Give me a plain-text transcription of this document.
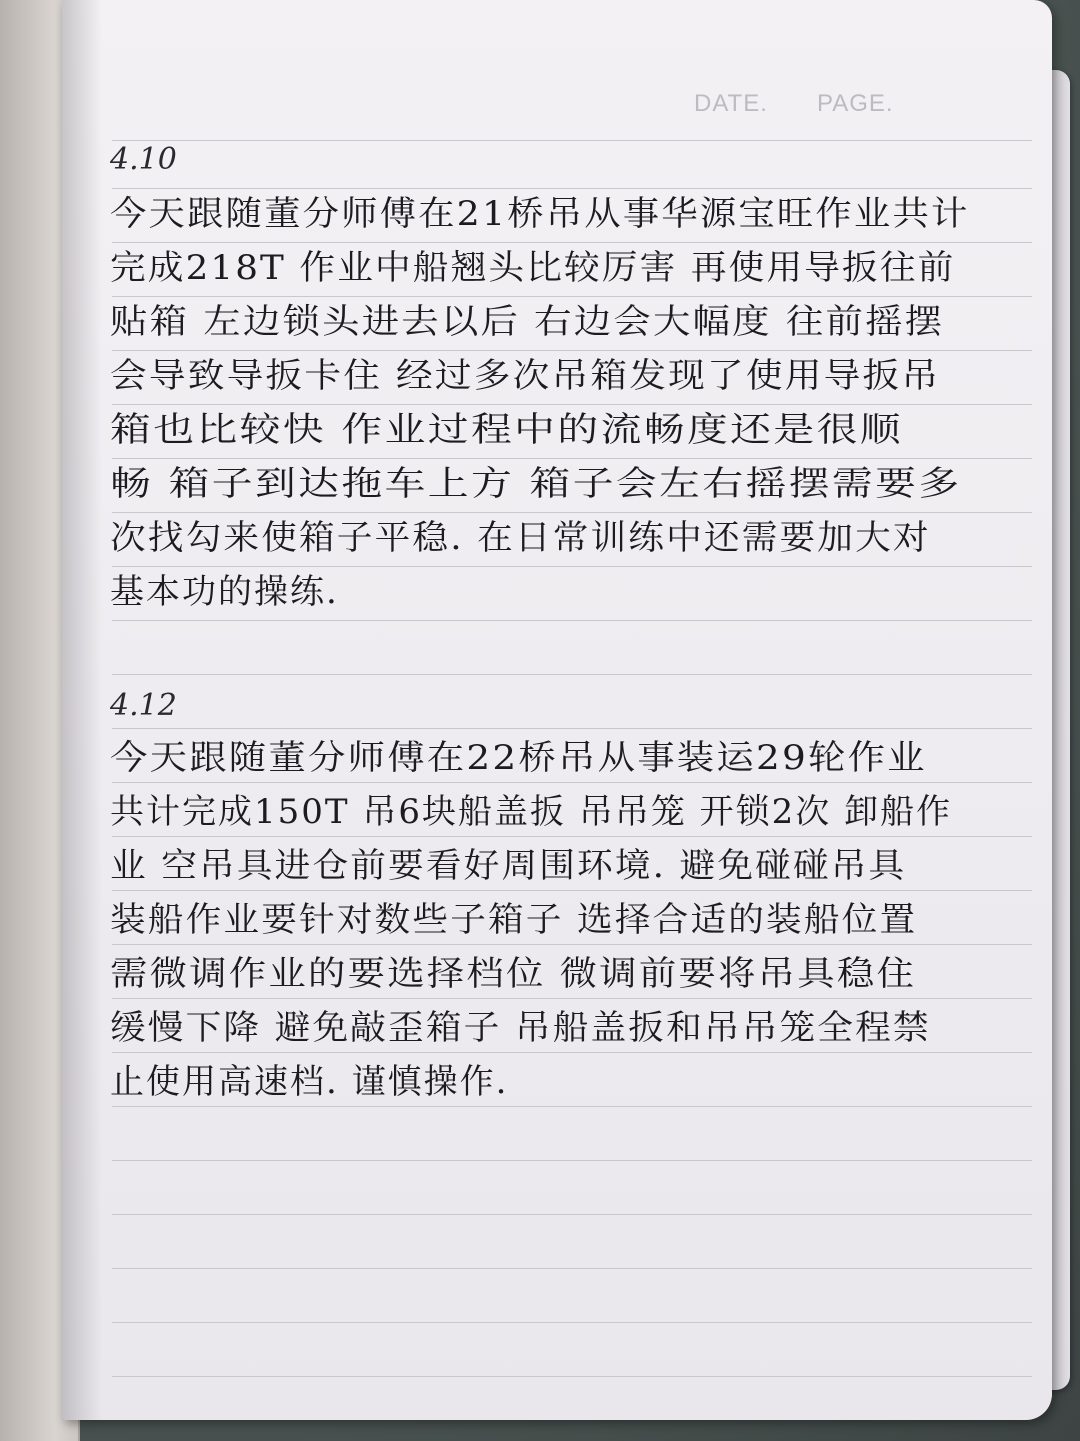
DATE. PAGE.
4.10
今天跟随董分师傅在21桥吊从事华源宝旺作业共计
完成218T 作业中船翘头比较厉害 再使用导扳往前
贴箱 左边锁头进去以后 右边会大幅度 往前摇摆
会导致导扳卡住 经过多次吊箱发现了使用导扳吊
箱也比较快 作业过程中的流畅度还是很顺
畅 箱子到达拖车上方 箱子会左右摇摆需要多
次找勾来使箱子平稳. 在日常训练中还需要加大对
基本功的操练.
4.12
今天跟随董分师傅在22桥吊从事装运29轮作业
共计完成150T 吊6块船盖扳 吊吊笼 开锁2次 卸船作
业 空吊具进仓前要看好周围环境. 避免碰碰吊具
装船作业要针对数些子箱子 选择合适的装船位置
需微调作业的要选择档位 微调前要将吊具稳住
缓慢下降 避免敲歪箱子 吊船盖扳和吊吊笼全程禁
止使用高速档. 谨慎操作.
